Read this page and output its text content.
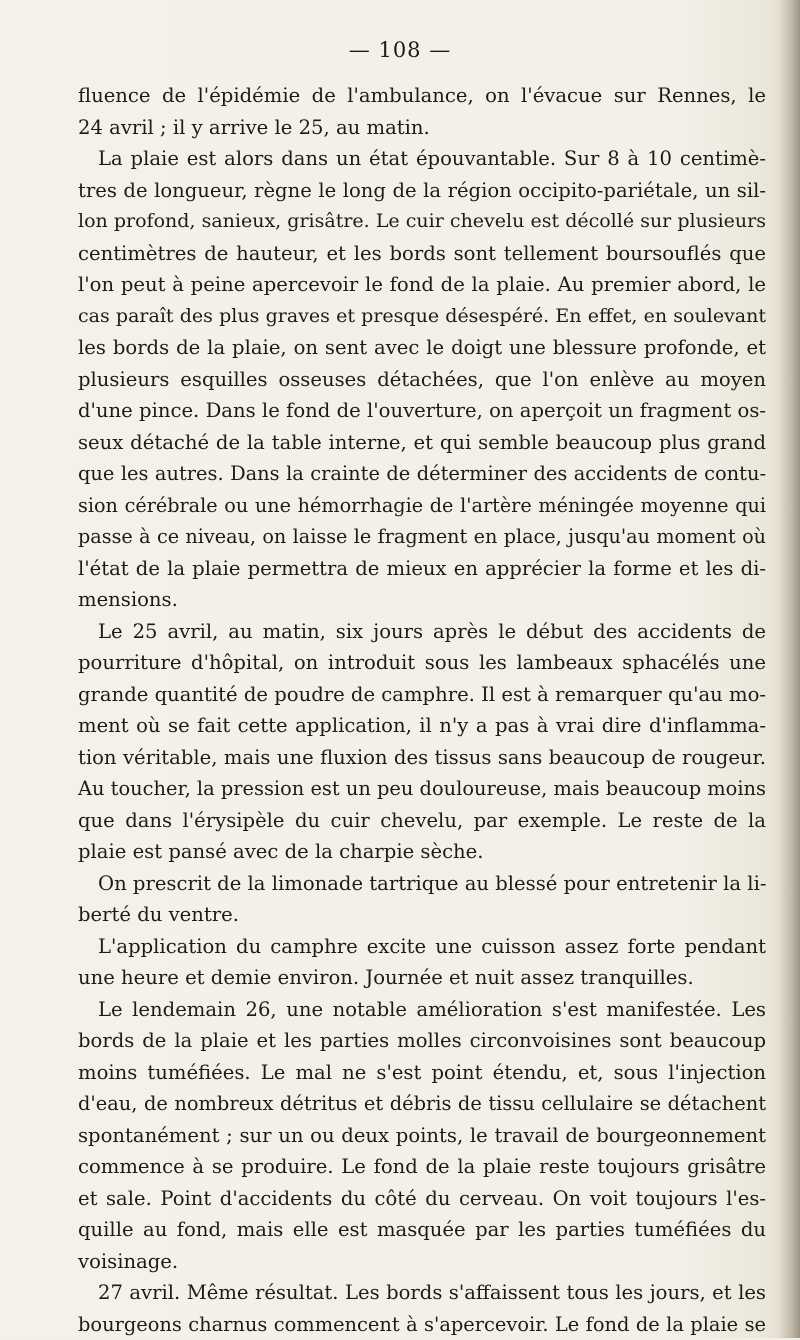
— 108 —
fluence de l'épidémie de l'ambulance, on l'évacue sur Rennes, le
24 avril ; il y arrive le 25, au matin.
La plaie est alors dans un état épouvantable. Sur 8 à 10 centimè-
tres de longueur, règne le long de la région occipito-pariétale, un sil-
lon profond, sanieux, grisâtre. Le cuir chevelu est décollé sur plusieurs
centimètres de hauteur, et les bords sont tellement boursouflés que
l'on peut à peine apercevoir le fond de la plaie. Au premier abord, le
cas paraît des plus graves et presque désespéré. En effet, en soulevant
les bords de la plaie, on sent avec le doigt une blessure profonde, et
plusieurs esquilles osseuses détachées, que l'on enlève au moyen
d'une pince. Dans le fond de l'ouverture, on aperçoit un fragment os-
seux détaché de la table interne, et qui semble beaucoup plus grand
que les autres. Dans la crainte de déterminer des accidents de contu-
sion cérébrale ou une hémorrhagie de l'artère méningée moyenne qui
passe à ce niveau, on laisse le fragment en place, jusqu'au moment où
l'état de la plaie permettra de mieux en apprécier la forme et les di-
mensions.
Le 25 avril, au matin, six jours après le début des accidents de
pourriture d'hôpital, on introduit sous les lambeaux sphacélés une
grande quantité de poudre de camphre. Il est à remarquer qu'au mo-
ment où se fait cette application, il n'y a pas à vrai dire d'inflamma-
tion véritable, mais une fluxion des tissus sans beaucoup de rougeur.
Au toucher, la pression est un peu douloureuse, mais beaucoup moins
que dans l'érysipèle du cuir chevelu, par exemple. Le reste de la
plaie est pansé avec de la charpie sèche.
On prescrit de la limonade tartrique au blessé pour entretenir la li-
berté du ventre.
L'application du camphre excite une cuisson assez forte pendant
une heure et demie environ. Journée et nuit assez tranquilles.
Le lendemain 26, une notable amélioration s'est manifestée. Les
bords de la plaie et les parties molles circonvoisines sont beaucoup
moins tuméfiées. Le mal ne s'est point étendu, et, sous l'injection
d'eau, de nombreux détritus et débris de tissu cellulaire se détachent
spontanément ; sur un ou deux points, le travail de bourgeonnement
commence à se produire. Le fond de la plaie reste toujours grisâtre
et sale. Point d'accidents du côté du cerveau. On voit toujours l'es-
quille au fond, mais elle est masquée par les parties tuméfiées du
voisinage.
27 avril. Même résultat. Les bords s'affaissent tous les jours, et les
bourgeons charnus commencent à s'apercevoir. Le fond de la plaie se
